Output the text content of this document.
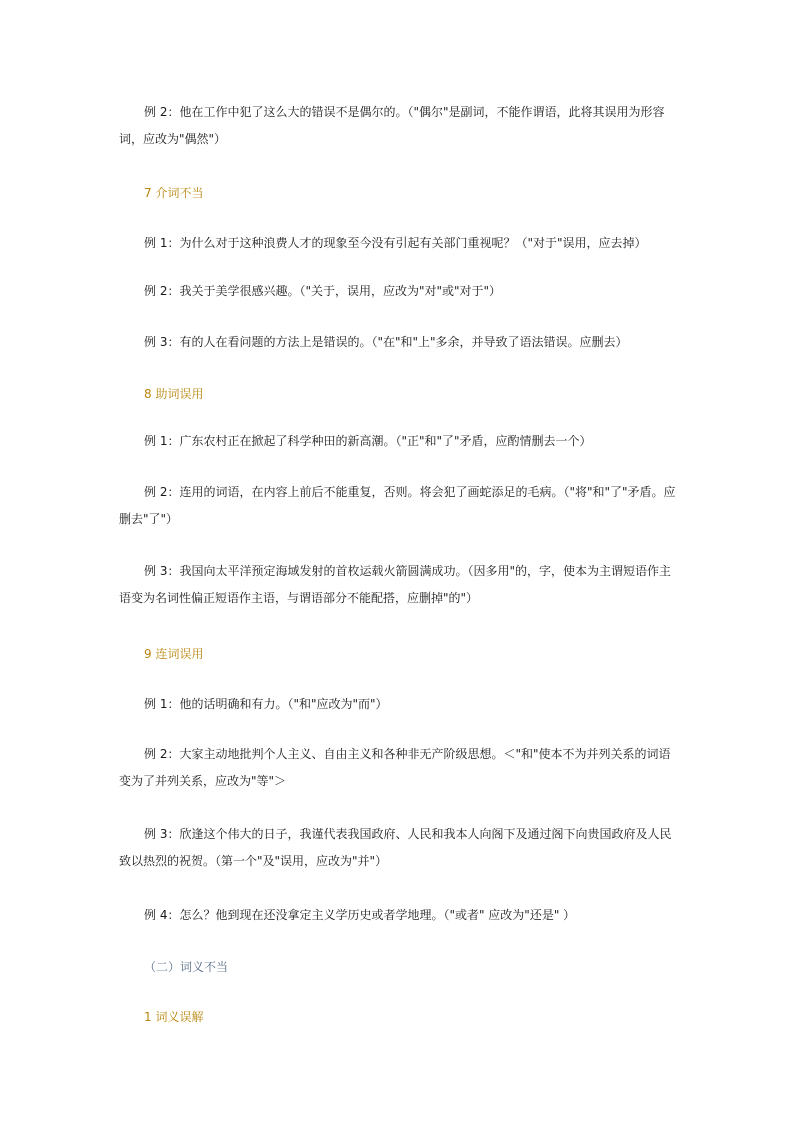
例 2：他在工作中犯了这么大的错误不是偶尔的。（"偶尔"是副词，不能作谓语，此将其误用为形容词，应改为"偶然"）
7 介词不当
例 1：为什么对于这种浪费人才的现象至今没有引起有关部门重视呢？（"对于"误用，应去掉）
例 2：我关于美学很感兴趣。（"关于，误用，应改为"对"或"对于"）
例 3：有的人在看问题的方法上是错误的。（"在"和"上"多余，并导致了语法错误。应删去）
8 助词误用
例 1：广东农村正在掀起了科学种田的新高潮。（"正"和"了"矛盾，应酌情删去一个）
例 2：连用的词语，在内容上前后不能重复，否则。将会犯了画蛇添足的毛病。（"将"和"了"矛盾。应删去"了"）
例 3：我国向太平洋预定海域发射的首枚运载火箭圆满成功。（因多用"的，字，使本为主谓短语作主语变为名词性偏正短语作主语，与谓语部分不能配搭，应删掉"的"）
9 连词误用
例 1：他的话明确和有力。（"和"应改为"而"）
例 2：大家主动地批判个人主义、自由主义和各种非无产阶级思想。＜"和"使本不为并列关系的词语变为了并列关系，应改为"等"＞
例 3：欣逢这个伟大的日子，我谨代表我国政府、人民和我本人向阁下及通过阁下向贵国政府及人民致以热烈的祝贺。（第一个"及"误用，应改为"并"）
例 4：怎么？他到现在还没拿定主义学历史或者学地理。（"或者" 应改为"还是" ）
（二）词义不当
1 词义误解
